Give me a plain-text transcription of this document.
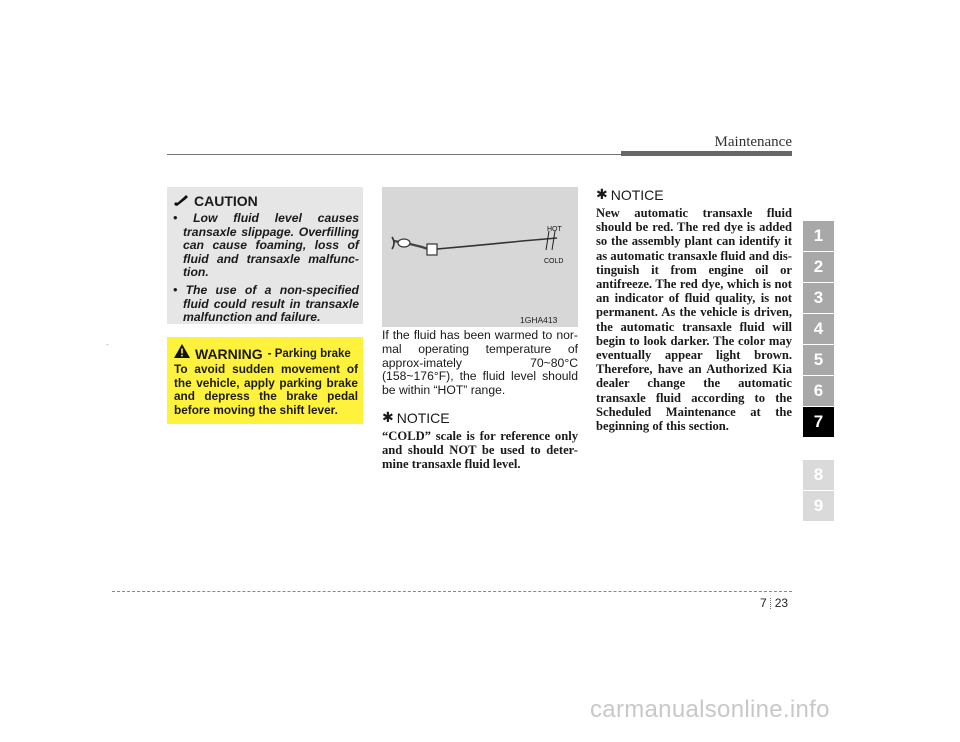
Maintenance
1
2
3
4
5
6
7
8
9
CAUTION
• Low fluid level causes transaxle slippage. Overfilling can cause foaming, loss of fluid and transaxle malfunc-tion.
• The use of a non-specified fluid could result in transaxle malfunction and failure.
WARNING - Parking brake
To avoid sudden movement of the vehicle, apply parking brake and depress the brake pedal before moving the shift lever.
HOT
COLD
1GHA413
If the fluid has been warmed to nor-mal operating temperature of approx-imately 70~80°C (158~176°F), the fluid level should be within “HOT” range.
✱ NOTICE
“COLD” scale is for reference only and should NOT be used to deter-mine transaxle fluid level.
✱ NOTICE
New automatic transaxle fluid should be red. The red dye is added so the assembly plant can identify it as automatic transaxle fluid and dis-tinguish it from engine oil or antifreeze. The red dye, which is not an indicator of fluid quality, is not permanent. As the vehicle is driven, the automatic transaxle fluid will begin to look darker. The color may eventually appear light brown. Therefore, have an Authorized Kia dealer change the automatic transaxle fluid according to the Scheduled Maintenance at the beginning of this section.
-
7 23
carmanualsonline.info
